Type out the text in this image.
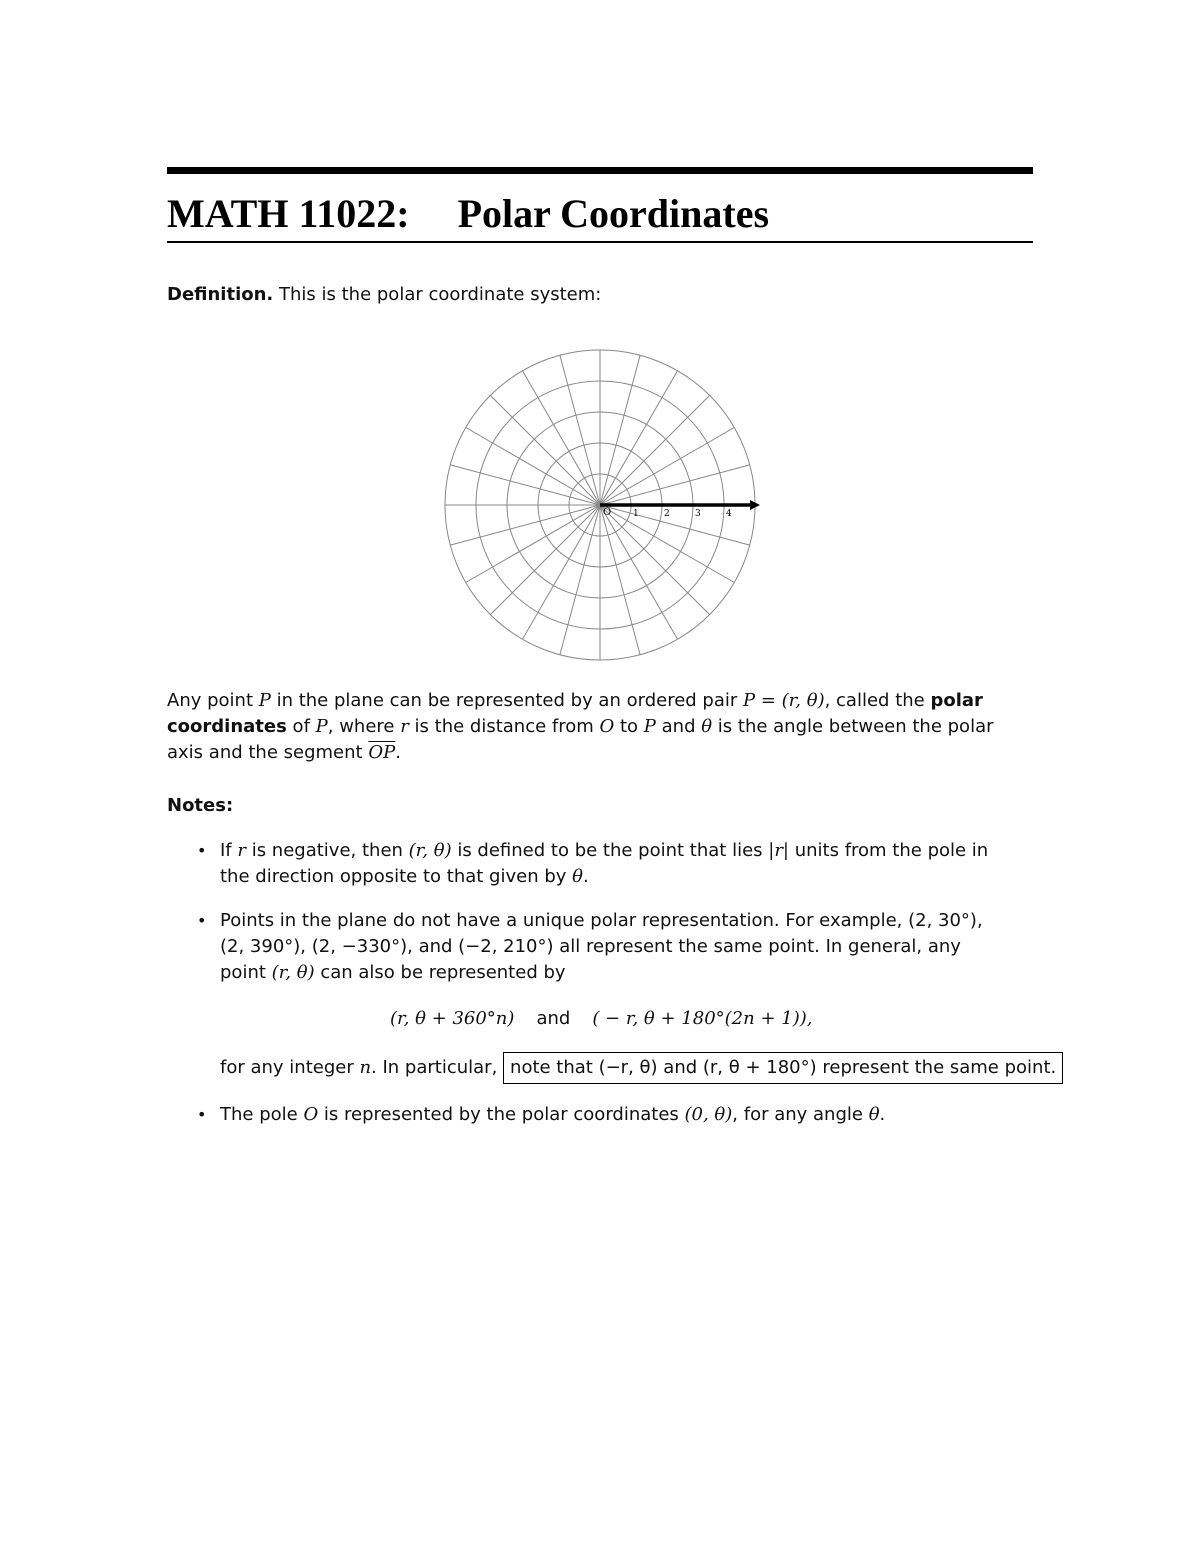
MATH 11022: Polar Coordinates
Definition. This is the polar coordinate system:
O 1	2	3	4
Any point P in the plane can be represented by an ordered pair P = (r, θ), called the polar
coordinates of P, where r is the distance from O to P and θ is the angle between the polar
axis and the segment $\overline{OP}$.
Notes:
• If r is negative, then (r, θ) is defined to be the point that lies |r| units from the pole in
the direction opposite to that given by θ.
• Points in the plane do not have a unique polar representation. For example, (2, 30°),
(2, 390°), (2, −330°), and (−2, 210°) all represent the same point. In general, any
point (r, θ) can also be represented by
(r, θ + 360°n) and ( − r, θ + 180°(2n + 1)),
for any integer n. In particular, note that (−r, θ) and (r, θ + 180°) represent the same point.
• The pole O is represented by the polar coordinates (0, θ), for any angle θ.
